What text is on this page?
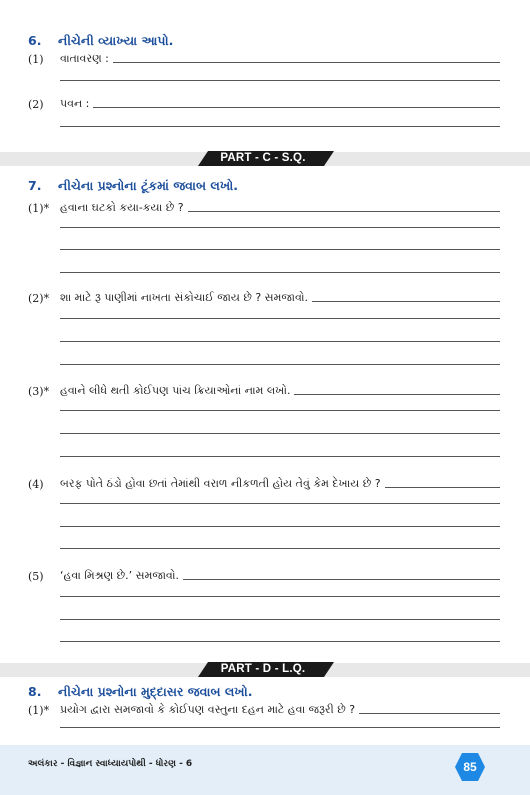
6. નીચેની વ્યાખ્યા આપો.
(1)	વાતાવરણ :
(2)	પવન :
PART - C - S.Q.
7. નીચેના પ્રશ્નોના ટૂંકમાં જવાબ લખો.
(1)* હવાના ઘટકો કયા-કયા છે ?
(2)* શા માટે રૂ પાણીમાં નાખતા સંકોચાઈ જાય છે ? સમજાવો.
(3)* હવાને લીધે થતી કોઈપણ પાંચ ક્રિયાઓનાં નામ લખો.
(4)	બરફ પોતે ઠંડો હોવા છતાં તેમાંથી વરાળ નીકળતી હોય તેવું કેમ દેખાય છે ?
(5)	‘હવા મિશ્રણ છે.’ સમજાવો.
PART - D - L.Q.
8. નીચેના પ્રશ્નોના મુદ્દાસર જવાબ લખો.
(1)* પ્રયોગ દ્વારા સમજાવો કે કોઈપણ વસ્તુના દહન માટે હવા જરૂરી છે ?
અલંકાર - વિજ્ઞાન સ્વાધ્યાયપોથી - ધોરણ - 6	85
